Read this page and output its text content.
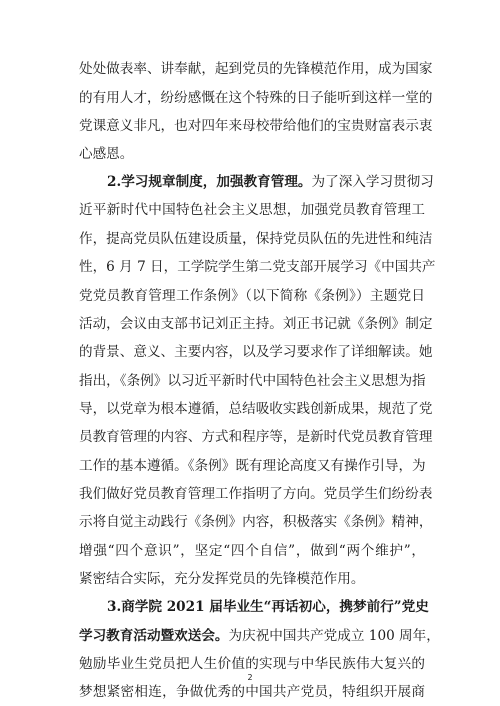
处处做表率、讲奉献，起到党员的先锋模范作用，成为国家
的有用人才，纷纷感慨在这个特殊的日子能听到这样一堂的
党课意义非凡，也对四年来母校带给他们的宝贵财富表示衷
心感恩。
2.学习规章制度，加强教育管理。为了深入学习贯彻习
近平新时代中国特色社会主义思想，加强党员教育管理工
作，提高党员队伍建设质量，保持党员队伍的先进性和纯洁
性，6 月 7 日，工学院学生第二党支部开展学习《中国共产
党党员教育管理工作条例》（以下简称《条例》）主题党日
活动，会议由支部书记刘正主持。刘正书记就《条例》制定
的背景、意义、主要内容，以及学习要求作了详细解读。她
指出，《条例》以习近平新时代中国特色社会主义思想为指
导，以党章为根本遵循，总结吸收实践创新成果，规范了党
员教育管理的内容、方式和程序等，是新时代党员教育管理
工作的基本遵循。《条例》既有理论高度又有操作引导，为
我们做好党员教育管理工作指明了方向。党员学生们纷纷表
示将自觉主动践行《条例》内容，积极落实《条例》精神，
增强“四个意识”，坚定“四个自信”，做到“两个维护”，
紧密结合实际，充分发挥党员的先锋模范作用。
3.商学院 2021 届毕业生“再话初心，携梦前行”党史
学习教育活动暨欢送会。为庆祝中国共产党成立 100 周年，
勉励毕业生党员把人生价值的实现与中华民族伟大复兴的
梦想紧密相连，争做优秀的中国共产党员，特组织开展商
2
